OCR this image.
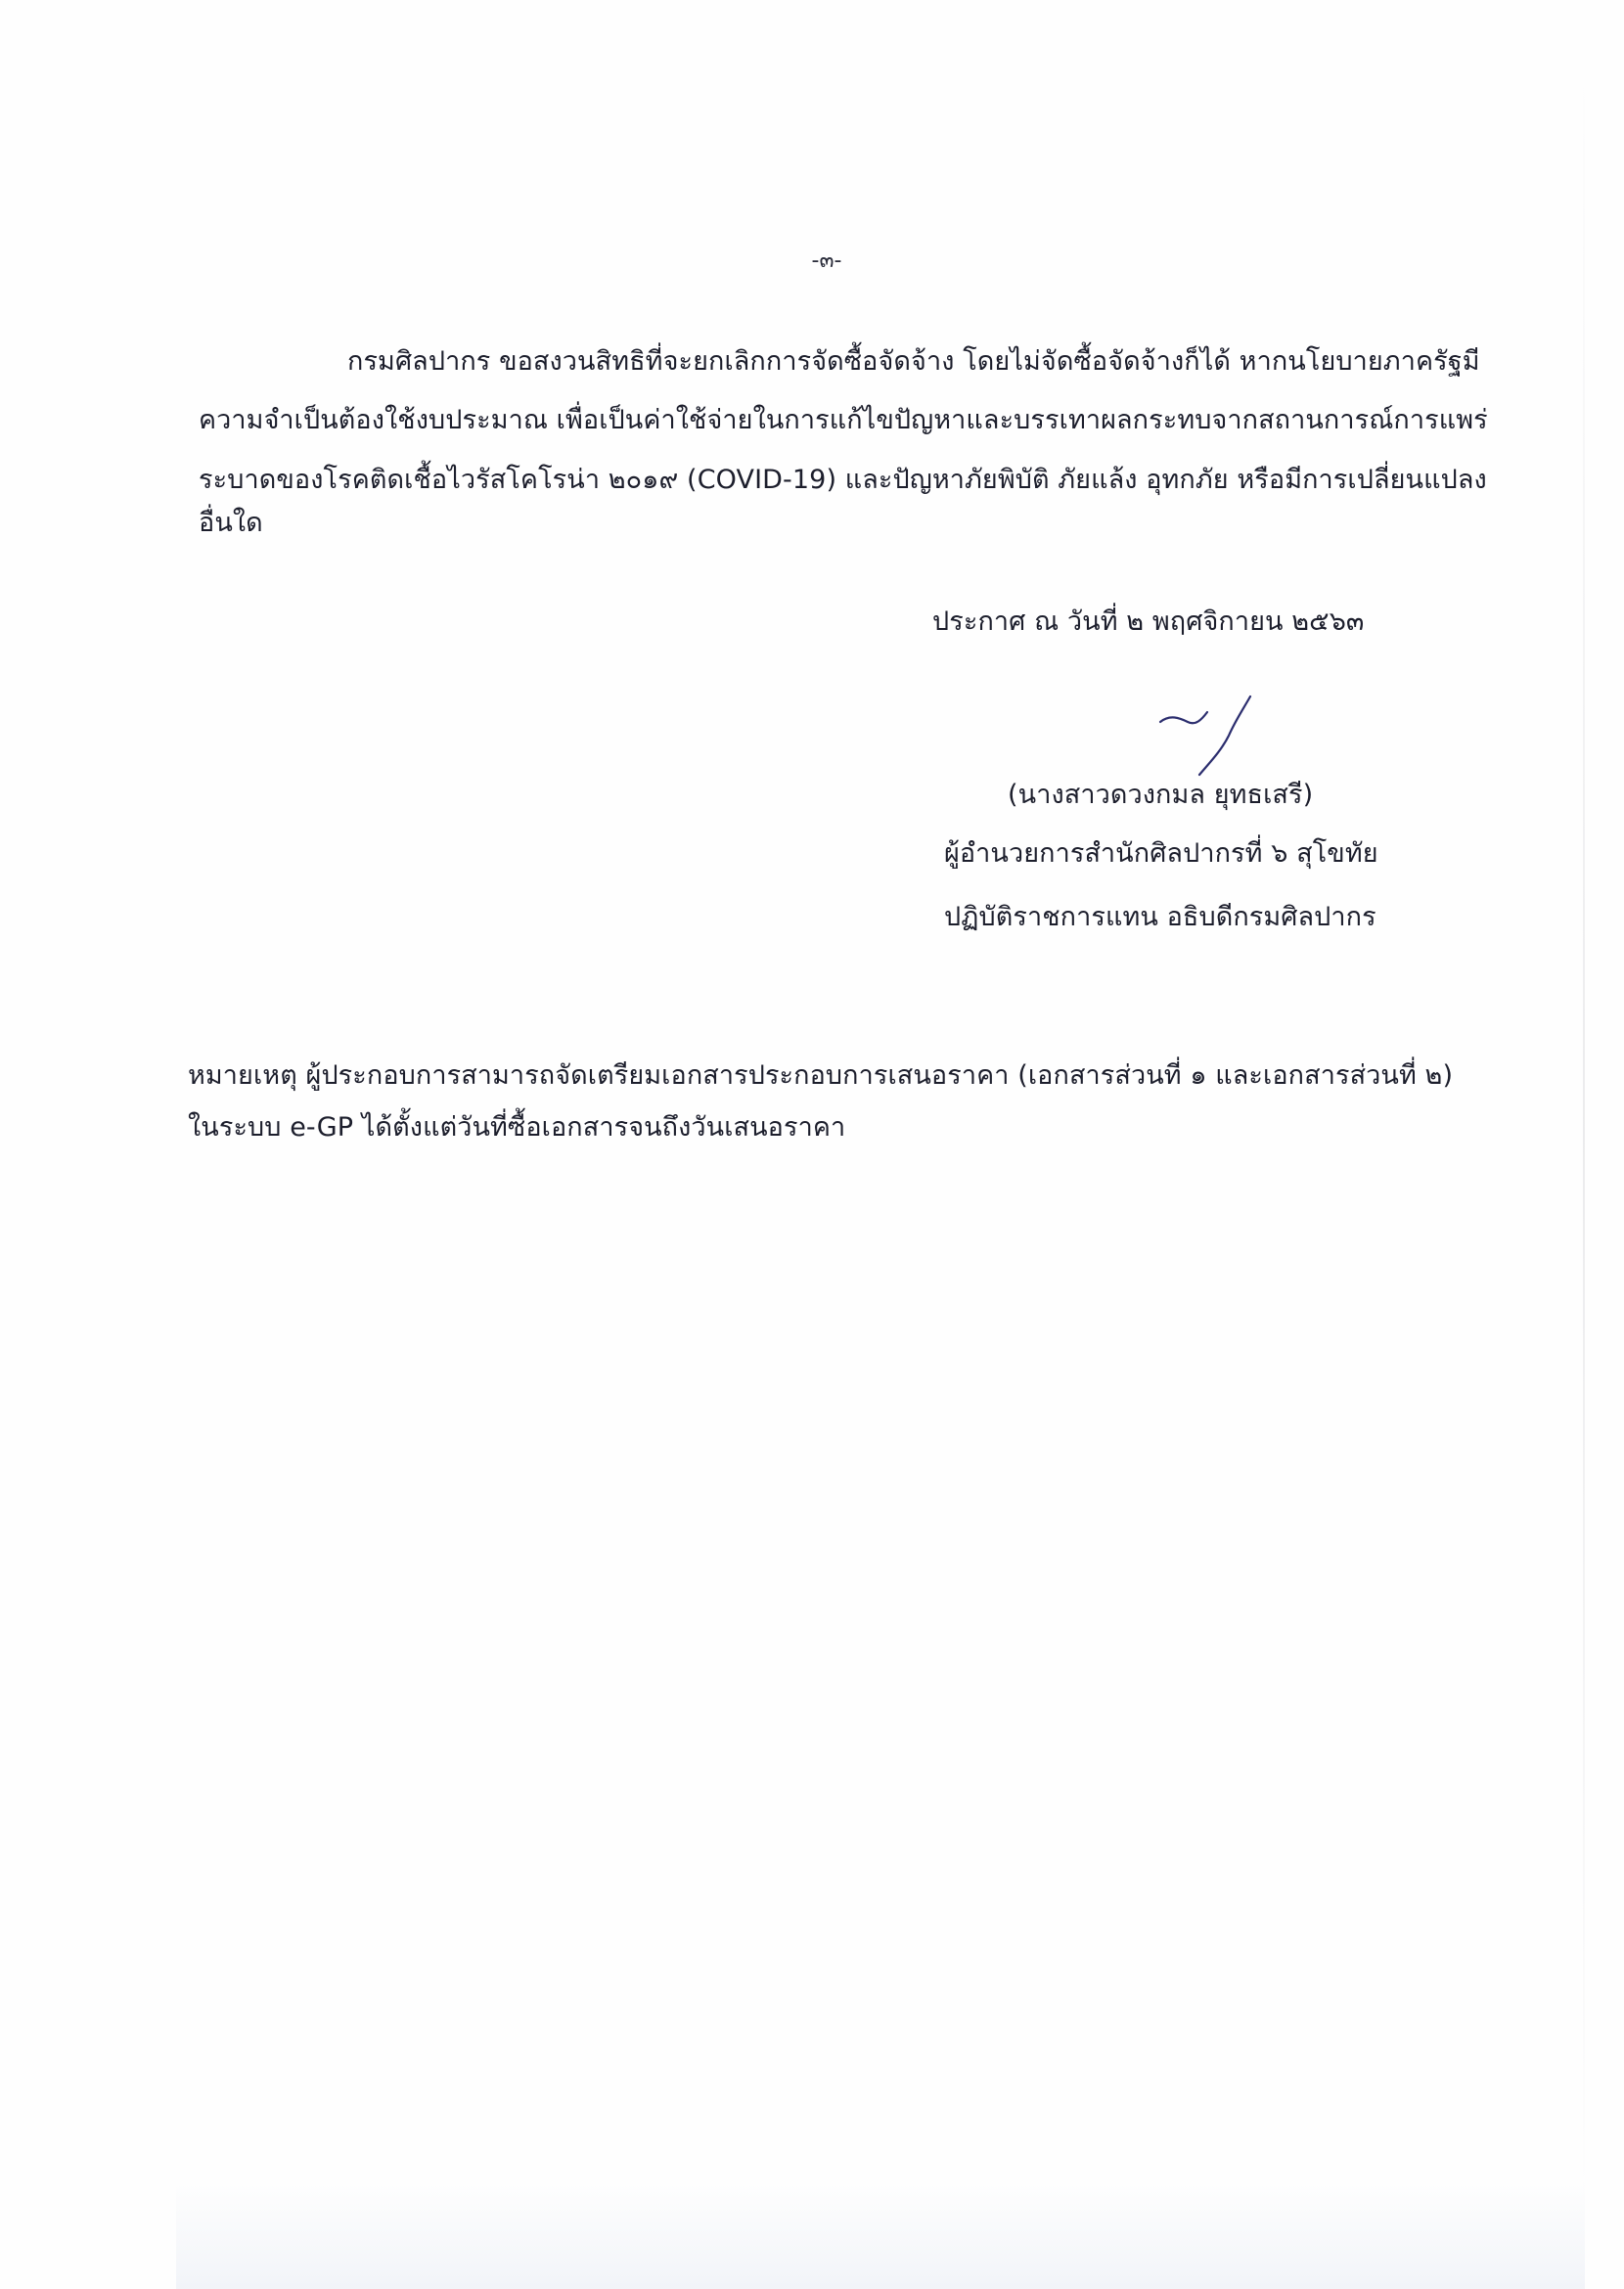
-๓-
กรมศิลปากร ขอสงวนสิทธิที่จะยกเลิกการจัดซื้อจัดจ้าง โดยไม่จัดซื้อจัดจ้างก็ได้ หากนโยบายภาครัฐมี
ความจำเป็นต้องใช้งบประมาณ เพื่อเป็นค่าใช้จ่ายในการแก้ไขปัญหาและบรรเทาผลกระทบจากสถานการณ์การแพร่
ระบาดของโรคติดเชื้อไวรัสโคโรน่า ๒๐๑๙ (COVID-19) และปัญหาภัยพิบัติ ภัยแล้ง อุทกภัย หรือมีการเปลี่ยนแปลง
อื่นใด
ประกาศ ณ วันที่ ๒ พฤศจิกายน ๒๕๖๓
(นางสาวดวงกมล ยุทธเสรี)
ผู้อำนวยการสำนักศิลปากรที่ ๖ สุโขทัย
ปฏิบัติราชการแทน อธิบดีกรมศิลปากร
หมายเหตุ ผู้ประกอบการสามารถจัดเตรียมเอกสารประกอบการเสนอราคา (เอกสารส่วนที่ ๑ และเอกสารส่วนที่ ๒)
ในระบบ e-GP ได้ตั้งแต่วันที่ซื้อเอกสารจนถึงวันเสนอราคา
